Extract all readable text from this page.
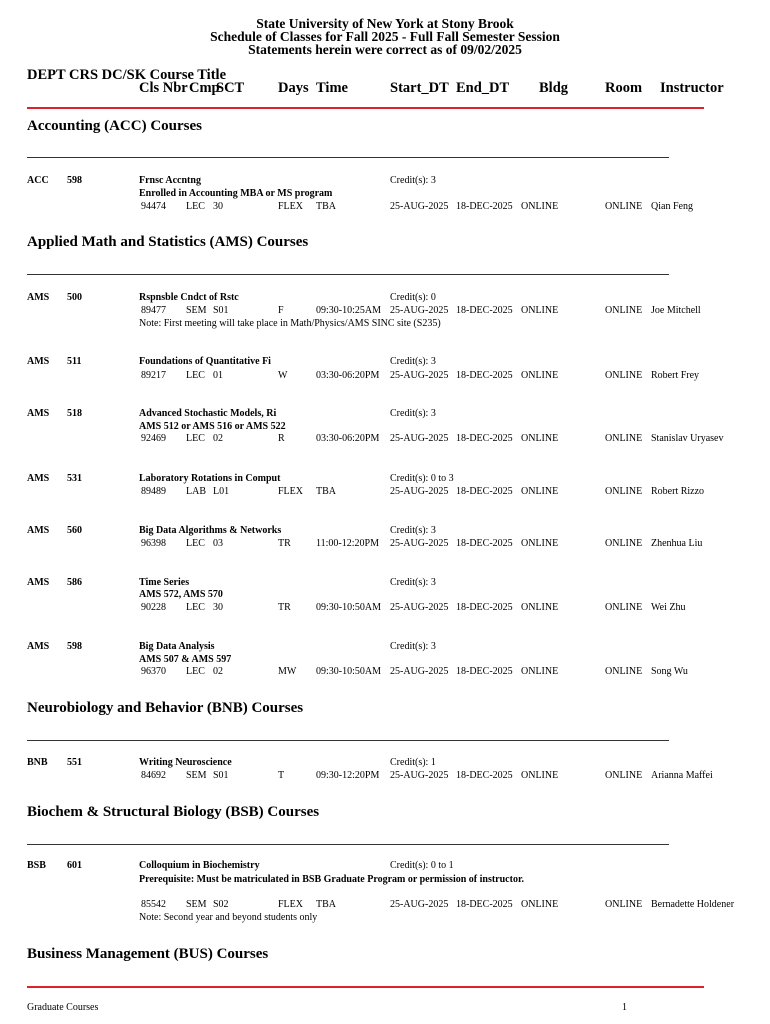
State University of New York at Stony Brook
Schedule of Classes for Fall 2025 - Full Fall Semester Session
Statements herein were correct as of 09/02/2025
DEPT CRS DC/SK Course Title
Cls Nbr Cmp
SCT Days Time	Start_DT End_DT Bldg	Room Instructor
Accounting (ACC) Courses
ACC 598	Frnsc Accntng	Credit(s): 3
Enrolled in Accounting MBA or MS program
94474 LEC 30	FLEX TBA	25-AUG-2025 18-DEC-2025 ONLINE	ONLINE Qian Feng
Applied Math and Statistics (AMS) Courses
AMS 500	Rspnsble Cndct of Rstc	Credit(s): 0
89477 SEM S01	F	09:30-10:25AM 25-AUG-2025 18-DEC-2025 ONLINE	ONLINE Joe Mitchell
Note: First meeting will take place in Math/Physics/AMS SINC site (S235)
AMS 511	Foundations of Quantitative Fi	Credit(s): 3
89217 LEC 01	W	03:30-06:20PM 25-AUG-2025 18-DEC-2025 ONLINE	ONLINE Robert Frey
AMS 518	Advanced Stochastic Models, Ri	Credit(s): 3
AMS 512 or AMS 516 or AMS 522
92469 LEC 02	R	03:30-06:20PM 25-AUG-2025 18-DEC-2025 ONLINE	ONLINE Stanislav Uryasev
AMS 531	Laboratory Rotations in Comput	Credit(s): 0 to 3
89489 LAB L01	FLEX TBA	25-AUG-2025 18-DEC-2025 ONLINE	ONLINE Robert Rizzo
AMS 560	Big Data Algorithms & Networks	Credit(s): 3
96398 LEC 03	TR	11:00-12:20PM 25-AUG-2025 18-DEC-2025 ONLINE	ONLINE Zhenhua Liu
AMS 586	Time Series	Credit(s): 3
AMS 572, AMS 570
90228 LEC 30	TR	09:30-10:50AM 25-AUG-2025 18-DEC-2025 ONLINE	ONLINE Wei Zhu
AMS 598	Big Data Analysis	Credit(s): 3
AMS 507 & AMS 597
96370 LEC 02	MW 09:30-10:50AM 25-AUG-2025 18-DEC-2025 ONLINE	ONLINE Song Wu
Neurobiology and Behavior (BNB) Courses
BNB 551	Writing Neuroscience	Credit(s): 1
84692 SEM S01	T	09:30-12:20PM 25-AUG-2025 18-DEC-2025 ONLINE	ONLINE Arianna Maffei
Biochem & Structural Biology (BSB) Courses
BSB 601	Colloquium in Biochemistry	Credit(s): 0 to 1
Prerequisite: Must be matriculated in BSB Graduate Program or permission of instructor.
85542 SEM S02	FLEX TBA	25-AUG-2025 18-DEC-2025 ONLINE	ONLINE Bernadette Holdener
Note: Second year and beyond students only
Business Management (BUS) Courses
Graduate Courses	1
